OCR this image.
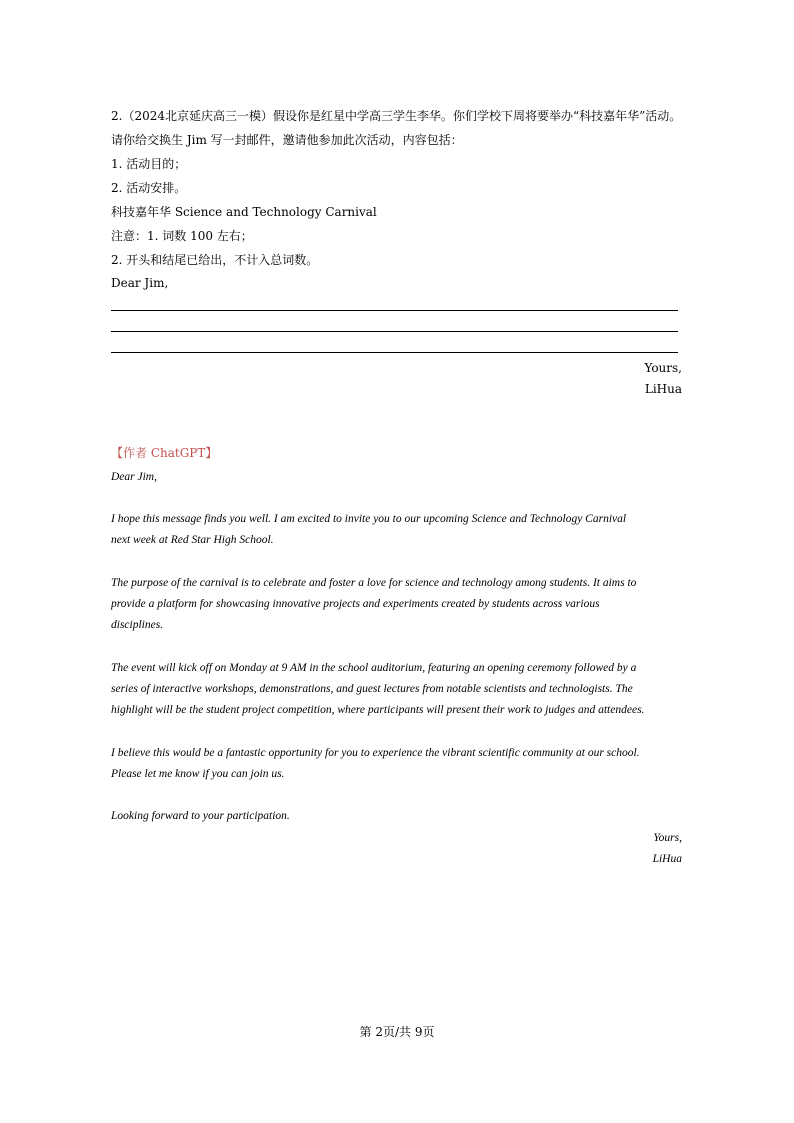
2.（2024北京延庆高三一模）假设你是红星中学高三学生李华。你们学校下周将要举办“科技嘉年华”活动。
请你给交换生 Jim 写一封邮件，邀请他参加此次活动，内容包括：
1. 活动目的；
2. 活动安排。
科技嘉年华 Science and Technology Carnival
注意：1. 词数 100 左右；
2. 开头和结尾已给出，不计入总词数。
Dear Jim,
Yours,
LiHua
【作者 ChatGPT】
Dear Jim,
I hope this message finds you well. I am excited to invite you to our upcoming Science and Technology Carnival
next week at Red Star High School.
The purpose of the carnival is to celebrate and foster a love for science and technology among students. It aims to
provide a platform for showcasing innovative projects and experiments created by students across various
disciplines.
The event will kick off on Monday at 9 AM in the school auditorium, featuring an opening ceremony followed by a
series of interactive workshops, demonstrations, and guest lectures from notable scientists and technologists. The
highlight will be the student project competition, where participants will present their work to judges and attendees.
I believe this would be a fantastic opportunity for you to experience the vibrant scientific community at our school.
Please let me know if you can join us.
Looking forward to your participation.
Yours,
LiHua
第 2页/共 9页
